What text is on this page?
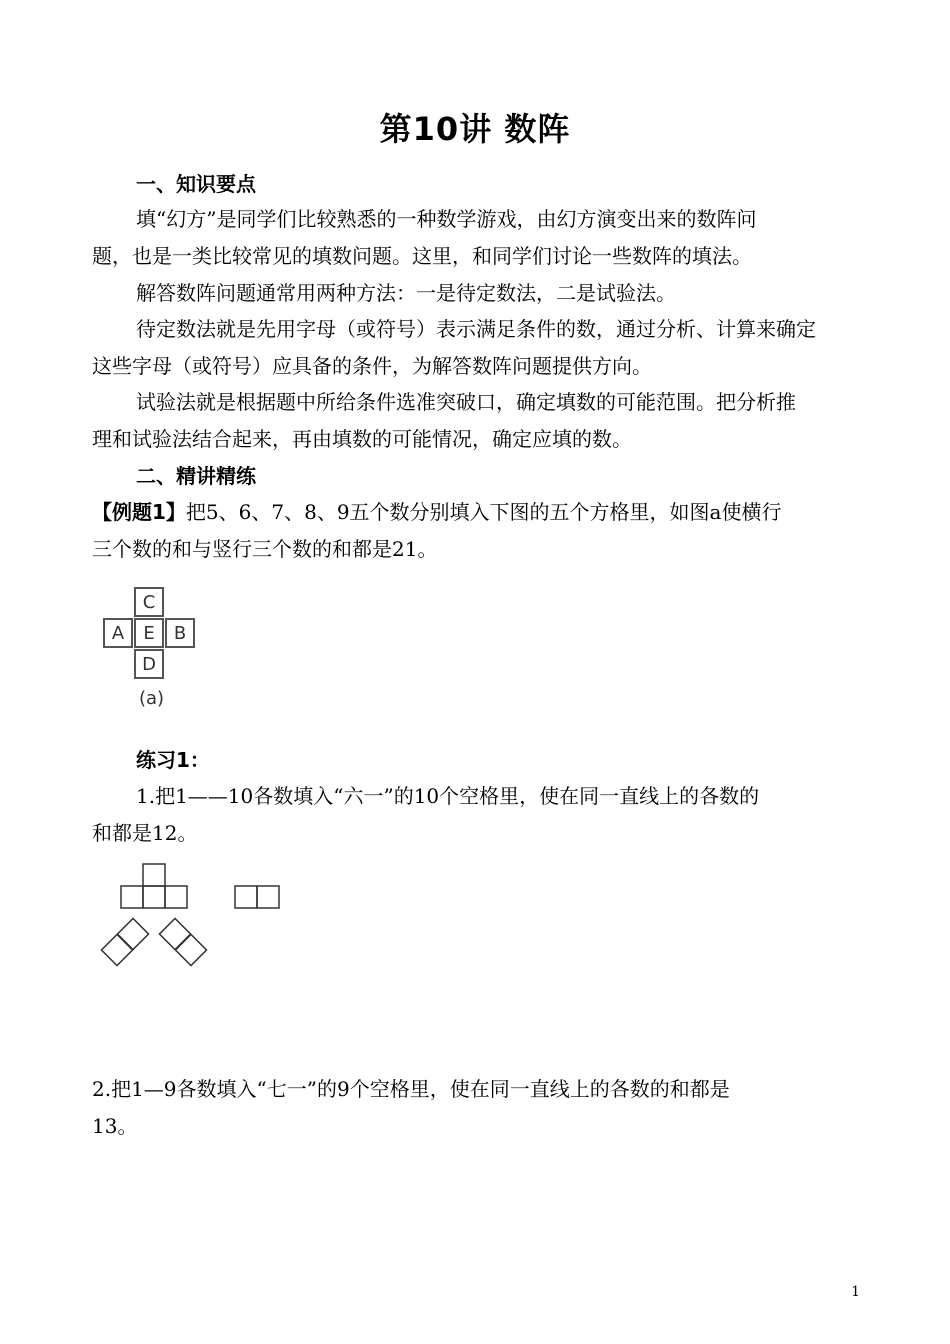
第10讲 数阵
一、知识要点
填“幻方”是同学们比较熟悉的一种数学游戏，由幻方演变出来的数阵问
题，也是一类比较常见的填数问题。这里，和同学们讨论一些数阵的填法。
解答数阵问题通常用两种方法：一是待定数法，二是试验法。
待定数法就是先用字母（或符号）表示满足条件的数，通过分析、计算来确定
这些字母（或符号）应具备的条件，为解答数阵问题提供方向。
试验法就是根据题中所给条件选准突破口，确定填数的可能范围。把分析推
理和试验法结合起来，再由填数的可能情况，确定应填的数。
二、精讲精练
【例题1】把5、6、7、8、9五个数分别填入下图的五个方格里，如图a使横行
三个数的和与竖行三个数的和都是21。
C
A	E	B
D
(a)
练习1：
1.把1——10各数填入“六一”的10个空格里，使在同一直线上的各数的
和都是12。
2.把1—9各数填入“七一”的9个空格里，使在同一直线上的各数的和都是
13。
1
